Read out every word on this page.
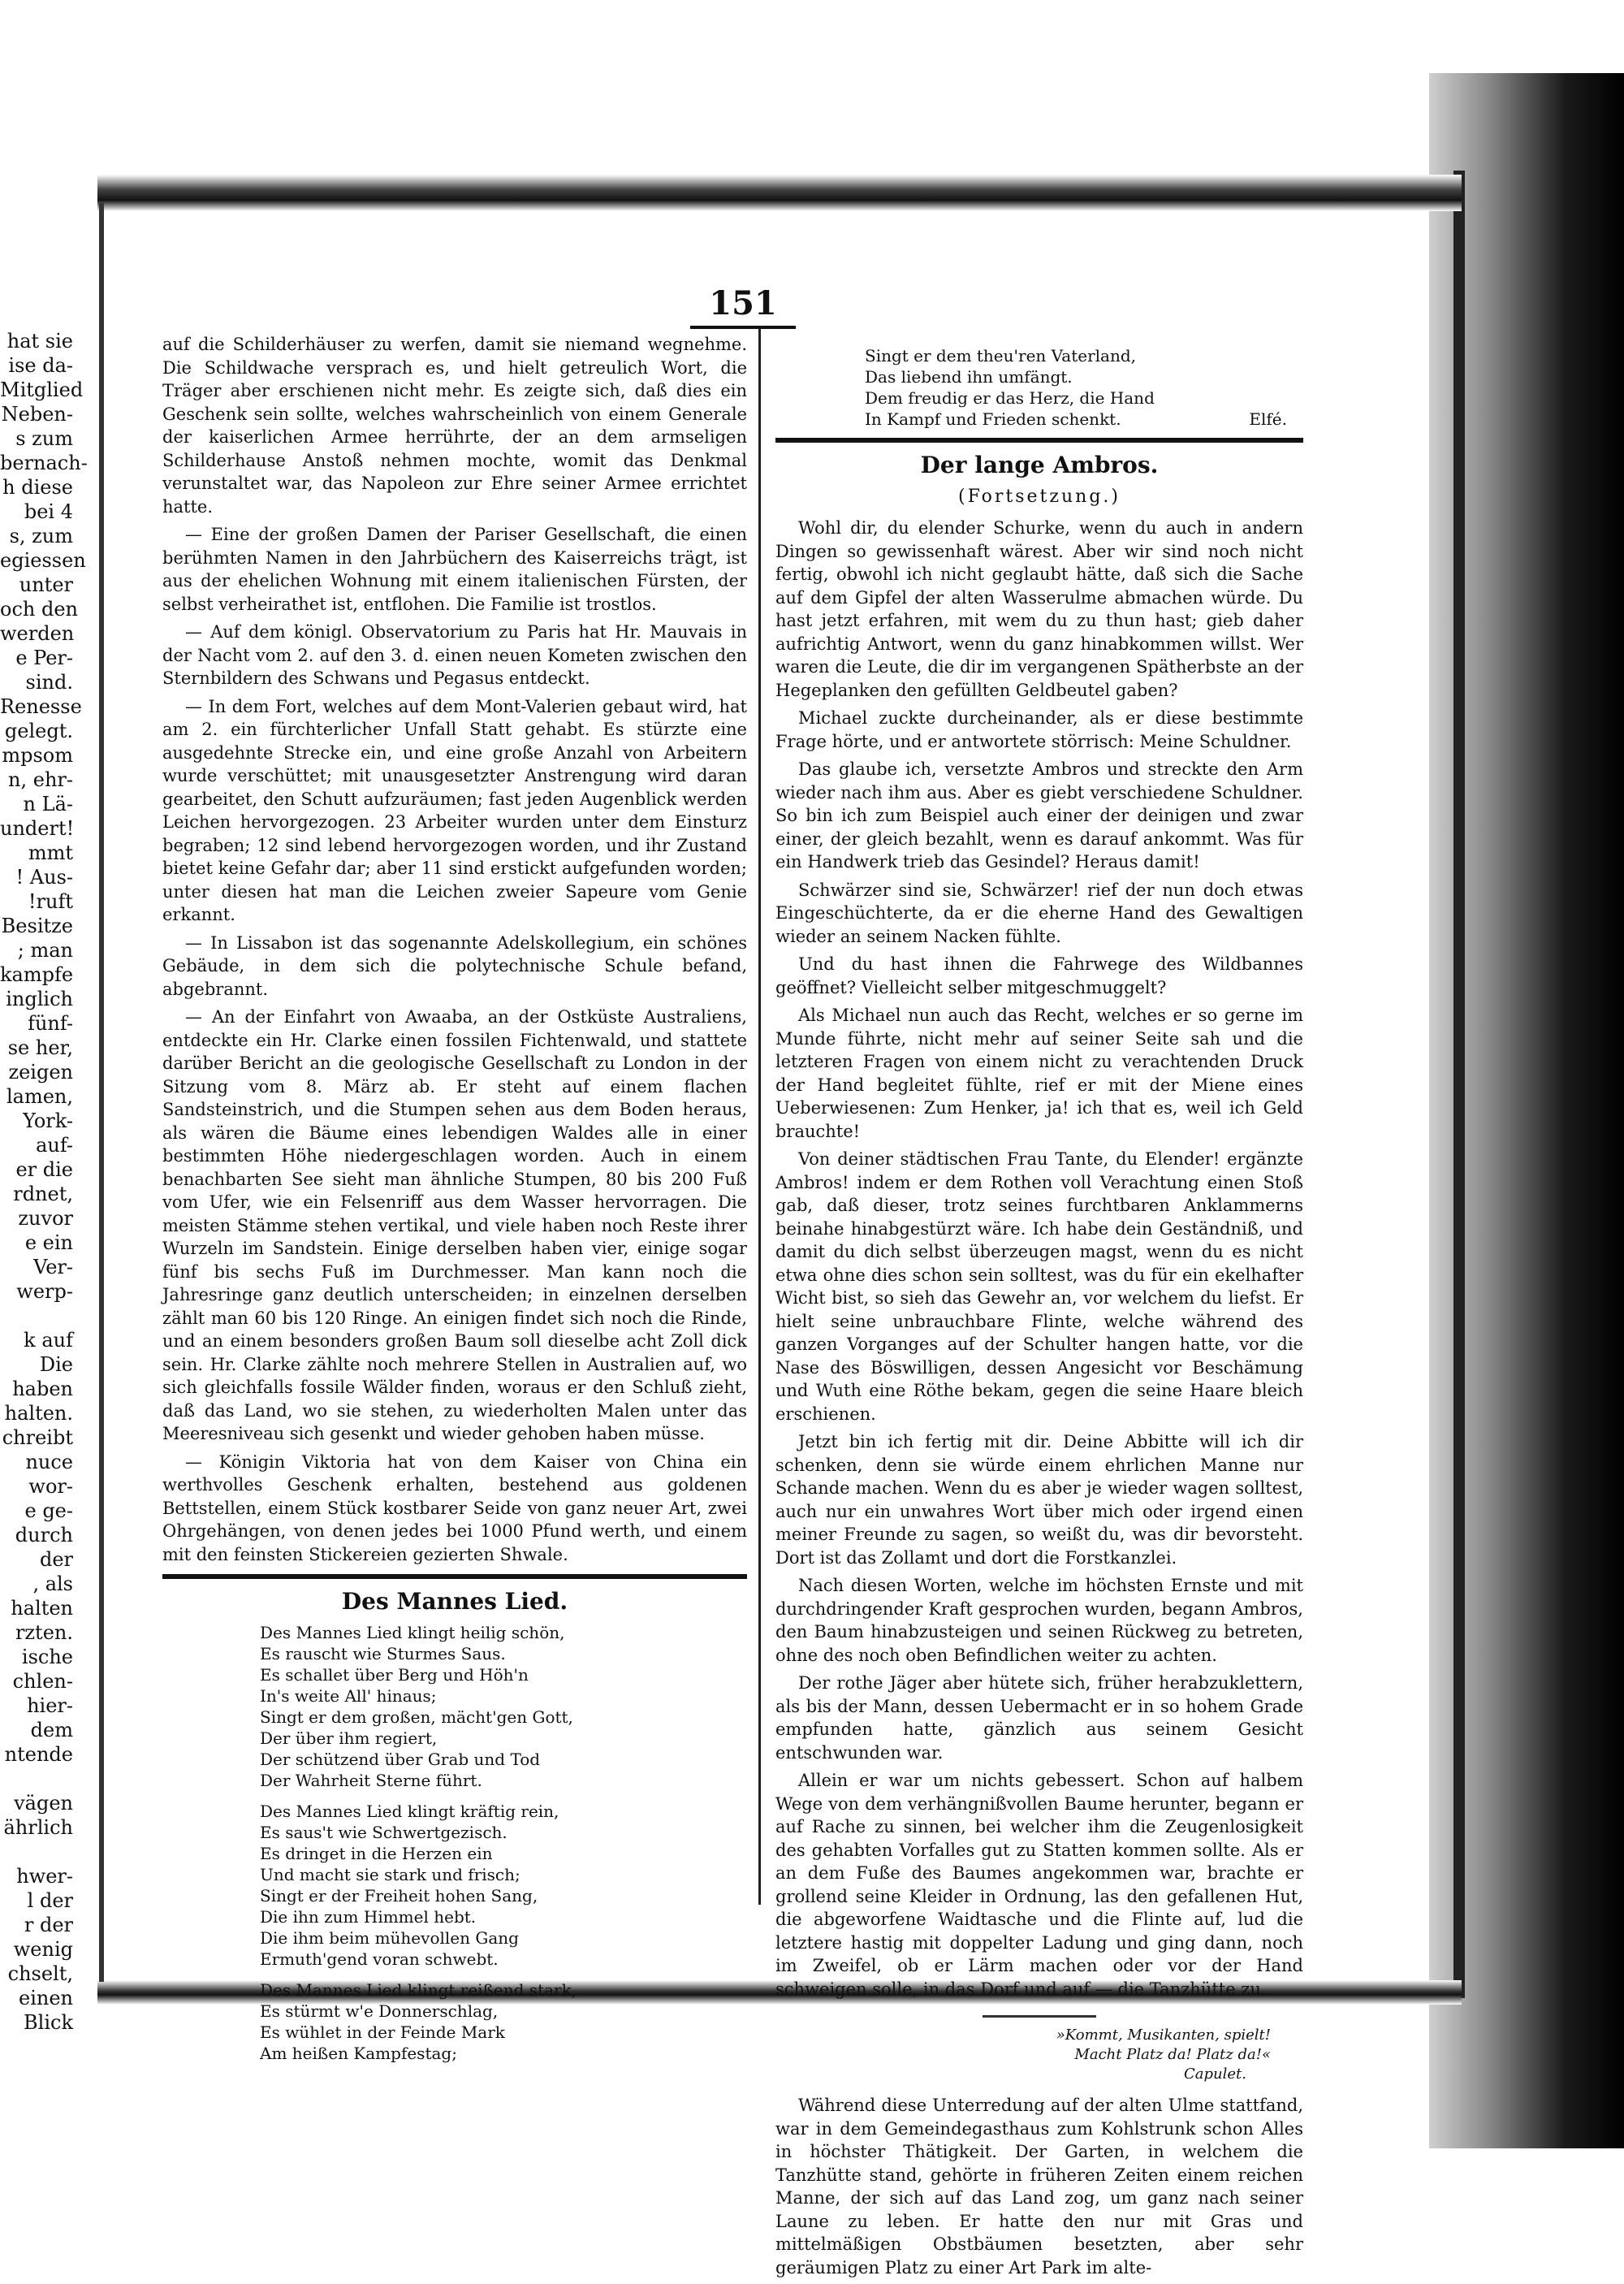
hat sie
ise da-
Mitglied
Neben-
s zum
bernach-
h diese
bei 4
s, zum
egiessen
unter
och den
werden
e Per-
sind.
Renesse
gelegt.
mpsom
n, ehr-
n Lä-
undert!
mmt
! Aus-
!ruft
Besitze
; man
kampfe
inglich
fünf-
se her,
zeigen
lamen,
York-
auf-
er die
rdnet,
zuvor
e ein
Ver-
werp-
k auf
Die
haben
halten.
chreibt
nuce
wor-
e ge-
durch
der
, als
halten
rzten.
ische
chlen-
hier-
dem
ntende
vägen
ährlich
hwer-
l der
r der
wenig
chselt,
einen
Blick
151

auf die Schilderhäuser zu werfen, damit sie niemand wegnehme. Die Schildwache versprach es, und hielt getreulich Wort, die Träger aber erschienen nicht mehr. Es zeigte sich, daß dies ein Geschenk sein sollte, welches wahrscheinlich von einem Generale der kaiserlichen Armee herrührte, der an dem armseligen Schilderhause Anstoß nehmen mochte, womit das Denkmal verunstaltet war, das Napoleon zur Ehre seiner Armee errichtet hatte.

— Eine der großen Damen der Pariser Gesellschaft, die einen berühmten Namen in den Jahrbüchern des Kaiserreichs trägt, ist aus der ehelichen Wohnung mit einem italienischen Fürsten, der selbst verheirathet ist, entflohen. Die Familie ist trostlos.

— Auf dem königl. Observatorium zu Paris hat Hr. Mauvais in der Nacht vom 2. auf den 3. d. einen neuen Kometen zwischen den Sternbildern des Schwans und Pegasus entdeckt.

— In dem Fort, welches auf dem Mont-Valerien gebaut wird, hat am 2. ein fürchterlicher Unfall Statt gehabt. Es stürzte eine ausgedehnte Strecke ein, und eine große Anzahl von Arbeitern wurde verschüttet; mit unausgesetzter Anstrengung wird daran gearbeitet, den Schutt aufzuräumen; fast jeden Augenblick werden Leichen hervorgezogen. 23 Arbeiter wurden unter dem Einsturz begraben; 12 sind lebend hervorgezogen worden, und ihr Zustand bietet keine Gefahr dar; aber 11 sind erstickt aufgefunden worden; unter diesen hat man die Leichen zweier Sapeure vom Genie erkannt.

— In Lissabon ist das sogenannte Adelskollegium, ein schönes Gebäude, in dem sich die polytechnische Schule befand, abgebrannt.

— An der Einfahrt von Awaaba, an der Ostküste Australiens, entdeckte ein Hr. Clarke einen fossilen Fichtenwald, und stattete darüber Bericht an die geologische Gesellschaft zu London in der Sitzung vom 8. März ab. Er steht auf einem flachen Sandsteinstrich, und die Stumpen sehen aus dem Boden heraus, als wären die Bäume eines lebendigen Waldes alle in einer bestimmten Höhe niedergeschlagen worden. Auch in einem benachbarten See sieht man ähnliche Stumpen, 80 bis 200 Fuß vom Ufer, wie ein Felsenriff aus dem Wasser hervorragen. Die meisten Stämme stehen vertikal, und viele haben noch Reste ihrer Wurzeln im Sandstein. Einige derselben haben vier, einige sogar fünf bis sechs Fuß im Durchmesser. Man kann noch die Jahresringe ganz deutlich unterscheiden; in einzelnen derselben zählt man 60 bis 120 Ringe. An einigen findet sich noch die Rinde, und an einem besonders großen Baum soll dieselbe acht Zoll dick sein. Hr. Clarke zählte noch mehrere Stellen in Australien auf, wo sich gleichfalls fossile Wälder finden, woraus er den Schluß zieht, daß das Land, wo sie stehen, zu wiederholten Malen unter das Meeresniveau sich gesenkt und wieder gehoben haben müsse.

— Königin Viktoria hat von dem Kaiser von China ein werthvolles Geschenk erhalten, bestehend aus goldenen Bettstellen, einem Stück kostbarer Seide von ganz neuer Art, zwei Ohrgehängen, von denen jedes bei 1000 Pfund werth, und einem mit den feinsten Stickereien gezierten Shwale.

Des Mannes Lied.
Des Mannes Lied klingt heilig schön,
Es rauscht wie Sturmes Saus.
Es schallet über Berg und Höh'n
In's weite All' hinaus;
Singt er dem großen, mächt'gen Gott,
Der über ihm regiert,
Der schützend über Grab und Tod
Der Wahrheit Sterne führt.
Des Mannes Lied klingt kräftig rein,
Es saus't wie Schwertgezisch.
Es dringet in die Herzen ein
Und macht sie stark und frisch;
Singt er der Freiheit hohen Sang,
Die ihn zum Himmel hebt.
Die ihm beim mühevollen Gang
Ermuth'gend voran schwebt.
Des Mannes Lied klingt reißend stark,
Es stürmt w'e Donnerschlag,
Es wühlet in der Feinde Mark
Am heißen Kampfestag;
Singt er dem theu'ren Vaterland,
Das liebend ihn umfängt.
Dem freudig er das Herz, die Hand
In Kampf und Frieden schenkt.	Elfé.
Der lange Ambros.
(Fortsetzung.)

Wohl dir, du elender Schurke, wenn du auch in andern Dingen so gewissenhaft wärest. Aber wir sind noch nicht fertig, obwohl ich nicht geglaubt hätte, daß sich die Sache auf dem Gipfel der alten Wasserulme abmachen würde. Du hast jetzt erfahren, mit wem du zu thun hast; gieb daher aufrichtig Antwort, wenn du ganz hinabkommen willst. Wer waren die Leute, die dir im vergangenen Spätherbste an der Hegeplanken den gefüllten Geldbeutel gaben?

Michael zuckte durcheinander, als er diese bestimmte Frage hörte, und er antwortete störrisch: Meine Schuldner.

Das glaube ich, versetzte Ambros und streckte den Arm wieder nach ihm aus. Aber es giebt verschiedene Schuldner. So bin ich zum Beispiel auch einer der deinigen und zwar einer, der gleich bezahlt, wenn es darauf ankommt. Was für ein Handwerk trieb das Gesindel? Heraus damit!

Schwärzer sind sie, Schwärzer! rief der nun doch etwas Eingeschüchterte, da er die eherne Hand des Gewaltigen wieder an seinem Nacken fühlte.

Und du hast ihnen die Fahrwege des Wildbannes geöffnet? Vielleicht selber mitgeschmuggelt?

Als Michael nun auch das Recht, welches er so gerne im Munde führte, nicht mehr auf seiner Seite sah und die letzteren Fragen von einem nicht zu verachtenden Druck der Hand begleitet fühlte, rief er mit der Miene eines Ueberwiesenen: Zum Henker, ja! ich that es, weil ich Geld brauchte!

Von deiner städtischen Frau Tante, du Elender! ergänzte Ambros! indem er dem Rothen voll Verachtung einen Stoß gab, daß dieser, trotz seines furchtbaren Anklammerns beinahe hinabgestürzt wäre. Ich habe dein Geständniß, und damit du dich selbst überzeugen magst, wenn du es nicht etwa ohne dies schon sein solltest, was du für ein ekelhafter Wicht bist, so sieh das Gewehr an, vor welchem du liefst. Er hielt seine unbrauchbare Flinte, welche während des ganzen Vorganges auf der Schulter hangen hatte, vor die Nase des Böswilligen, dessen Angesicht vor Beschämung und Wuth eine Röthe bekam, gegen die seine Haare bleich erschienen.

Jetzt bin ich fertig mit dir. Deine Abbitte will ich dir schenken, denn sie würde einem ehrlichen Manne nur Schande machen. Wenn du es aber je wieder wagen solltest, auch nur ein unwahres Wort über mich oder irgend einen meiner Freunde zu sagen, so weißt du, was dir bevorsteht. Dort ist das Zollamt und dort die Forstkanzlei.

Nach diesen Worten, welche im höchsten Ernste und mit durchdringender Kraft gesprochen wurden, begann Ambros, den Baum hinabzusteigen und seinen Rückweg zu betreten, ohne des noch oben Befindlichen weiter zu achten.

Der rothe Jäger aber hütete sich, früher herabzuklettern, als bis der Mann, dessen Uebermacht er in so hohem Grade empfunden hatte, gänzlich aus seinem Gesicht entschwunden war.

Allein er war um nichts gebessert. Schon auf halbem Wege von dem verhängnißvollen Baume herunter, begann er auf Rache zu sinnen, bei welcher ihm die Zeugenlosigkeit des gehabten Vorfalles gut zu Statten kommen sollte. Als er an dem Fuße des Baumes angekommen war, brachte er grollend seine Kleider in Ordnung, las den gefallenen Hut, die abgeworfene Waidtasche und die Flinte auf, lud die letztere hastig mit doppelter Ladung und ging dann, noch im Zweifel, ob er Lärm machen oder vor der Hand schweigen solle, in das Dorf und auf — die Tanzhütte zu.

»Kommt, Musikanten, spielt!
Macht Platz da! Platz da!«
Capulet.

Während diese Unterredung auf der alten Ulme stattfand, war in dem Gemeindegasthaus zum Kohlstrunk schon Alles in höchster Thätigkeit. Der Garten, in welchem die Tanzhütte stand, gehörte in früheren Zeiten einem reichen Manne, der sich auf das Land zog, um ganz nach seiner Laune zu leben. Er hatte den nur mit Gras und mittelmäßigen Obstbäumen besetzten, aber sehr geräumigen Platz zu einer Art Park im alte-
